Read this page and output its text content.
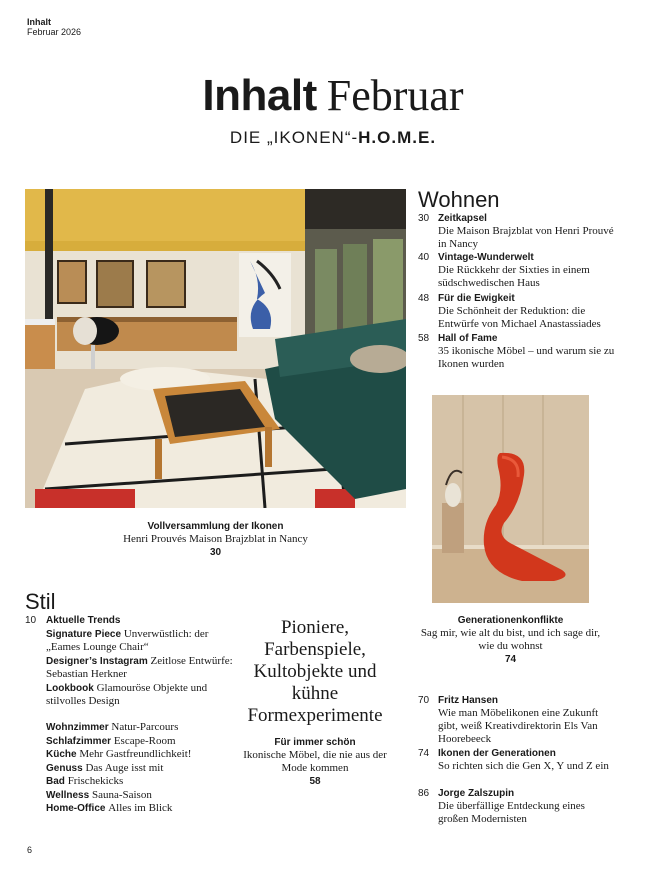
Inhalt
Februar 2026
Inhalt Februar
DIE „IKONEN“-H.O.M.E.
Vollversammlung der Ikonen
Henri Prouvés Maison Brajzblat in Nancy
30
Generationenkonflikte
Sag mir, wie alt du bist, und ich sage dir, wie du wohnst
74
Wohnen
30 Zeitkapsel
Die Maison Brajzblat von Henri Prouvé in Nancy
40 Vintage-Wunderwelt
Die Rückkehr der Sixties in einem südschwedischen Haus
48 Für die Ewigkeit
Die Schönheit der Reduktion: die Entwürfe von Michael Anastassiades
58 Hall of Fame
35 ikonische Möbel – und warum sie zu Ikonen wurden
70 Fritz Hansen
Wie man Möbelikonen eine Zukunft gibt, weiß Kreativdirektorin Els Van Hoorebeeck
74 Ikonen der Generationen
So richten sich die Gen X, Y und Z ein
86 Jorge Zalszupin
Die überfällige Entdeckung eines großen Modernisten
Stil
10 Aktuelle Trends
Signature Piece Unverwüstlich: der „Eames Lounge Chair“
Designer’s Instagram Zeitlose Entwürfe: Sebastian Herkner
Lookbook Glamouröse Objekte und stilvolles Design
Wohnzimmer Natur-Parcours
Schlafzimmer Escape-Room
Küche Mehr Gastfreundlichkeit!
Genuss Das Auge isst mit
Bad Frischekicks
Wellness Sauna-Saison
Home-Office Alles im Blick
Pioniere, Farbenspiele, Kultobjekte und kühne Formexperimente
Für immer schön
Ikonische Möbel, die nie aus der Mode kommen
58
6
